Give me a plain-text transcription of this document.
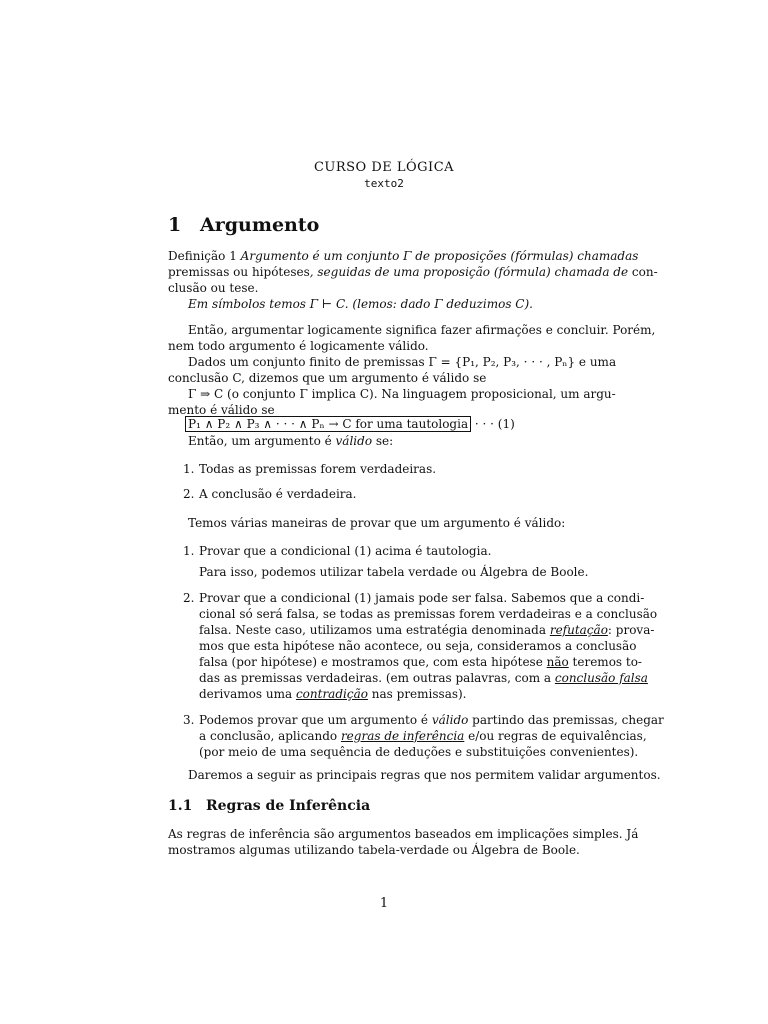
CURSO DE LÓGICA
texto2
1 Argumento
Definição 1 Argumento é um conjunto Γ de proposições (fórmulas) chamadas
premissas ou hipóteses, seguidas de uma proposição (fórmula) chamada de con-
clusão ou tese.
Em símbolos temos Γ ⊢ C. (lemos: dado Γ deduzimos C).
Então, argumentar logicamente significa fazer afirmações e concluir. Porém,
nem todo argumento é logicamente válido.
Dados um conjunto finito de premissas Γ = {P₁, P₂, P₃, · · · , Pₙ} e uma
conclusão C, dizemos que um argumento é válido se
Γ ⇒ C (o conjunto Γ implica C). Na linguagem proposicional, um argu-
mento é válido se
P₁ ∧ P₂ ∧ P₃ ∧ · · · ∧ Pₙ → C for uma tautologia · · · (1)
Então, um argumento é válido se:
1. Todas as premissas forem verdadeiras.
2. A conclusão é verdadeira.
Temos várias maneiras de provar que um argumento é válido:
1. Provar que a condicional (1) acima é tautologia.
Para isso, podemos utilizar tabela verdade ou Álgebra de Boole.
2. Provar que a condicional (1) jamais pode ser falsa. Sabemos que a condi-
cional só será falsa, se todas as premissas forem verdadeiras e a conclusão
falsa. Neste caso, utilizamos uma estratégia denominada refutação: prova-
mos que esta hipótese não acontece, ou seja, consideramos a conclusão
falsa (por hipótese) e mostramos que, com esta hipótese não teremos to-
das as premissas verdadeiras. (em outras palavras, com a conclusão falsa
derivamos uma contradição nas premissas).
3. Podemos provar que um argumento é válido partindo das premissas, chegar
a conclusão, aplicando regras de inferência e/ou regras de equivalências,
(por meio de uma sequência de deduções e substituições convenientes).
Daremos a seguir as principais regras que nos permitem validar argumentos.
1.1 Regras de Inferência
As regras de inferência são argumentos baseados em implicações simples. Já
mostramos algumas utilizando tabela-verdade ou Álgebra de Boole.
1
